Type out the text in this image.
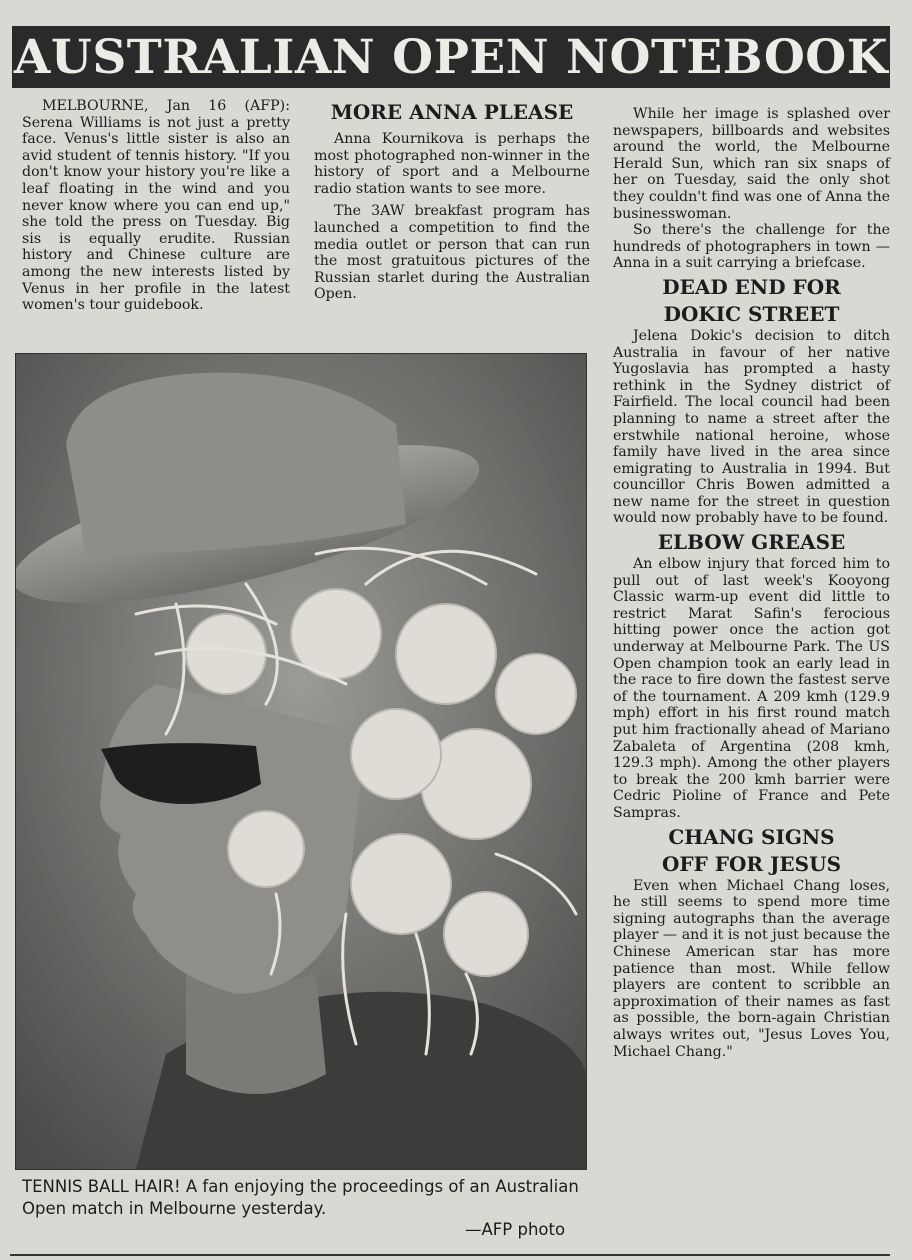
AUSTRALIAN OPEN NOTEBOOK

MELBOURNE, Jan 16 (AFP): Serena Williams is not just a pretty face. Venus's little sister is also an avid student of tennis history. "If you don't know your history you're like a leaf floating in the wind and you never know where you can end up," she told the press on Tuesday. Big sis is equally erudite. Russian history and Chinese culture are among the new interests listed by Venus in her profile in the latest women's tour guidebook.

MORE ANNA PLEASE

Anna Kournikova is perhaps the most photographed non-winner in the history of sport and a Melbourne radio station wants to see more.

The 3AW breakfast program has launched a competition to find the media outlet or person that can run the most gratuitous pictures of the Russian starlet during the Australian Open.

While her image is splashed over newspapers, billboards and websites around the world, the Melbourne Herald Sun, which ran six snaps of her on Tuesday, said the only shot they couldn't find was one of Anna the businesswoman.

So there's the challenge for the hundreds of photographers in town — Anna in a suit carrying a briefcase.

DEAD END FOR

DOKIC STREET

Jelena Dokic's decision to ditch Australia in favour of her native Yugoslavia has prompted a hasty rethink in the Sydney district of Fairfield. The local council had been planning to name a street after the erstwhile national heroine, whose family have lived in the area since emigrating to Australia in 1994. But councillor Chris Bowen admitted a new name for the street in question would now probably have to be found.

ELBOW GREASE

An elbow injury that forced him to pull out of last week's Kooyong Classic warm-up event did little to restrict Marat Safin's ferocious hitting power once the action got underway at Melbourne Park. The US Open champion took an early lead in the race to fire down the fastest serve of the tournament. A 209 kmh (129.9 mph) effort in his first round match put him fractionally ahead of Mariano Zabaleta of Argentina (208 kmh, 129.3 mph). Among the other players to break the 200 kmh barrier were Cedric Pioline of France and Pete Sampras.

CHANG SIGNS

OFF FOR JESUS

Even when Michael Chang loses, he still seems to spend more time signing autographs than the average player — and it is not just because the Chinese American star has more patience than most. While fellow players are content to scribble an approximation of their names as fast as possible, the born-again Christian always writes out, "Jesus Loves You, Michael Chang."

TENNIS BALL HAIR! A fan enjoying the proceedings of an Australian Open match in Melbourne yesterday.
—AFP photo
